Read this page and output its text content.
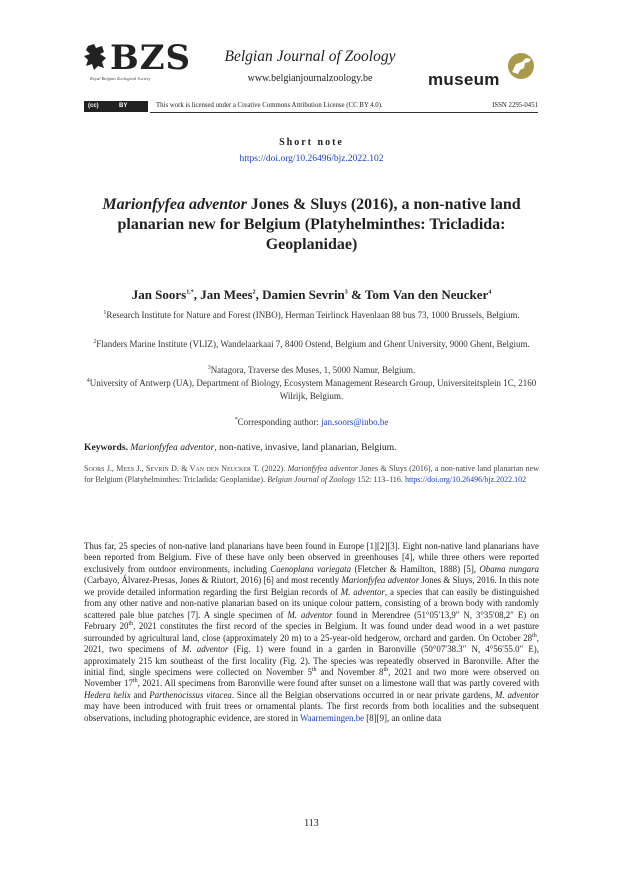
BZS
Royal Belgian Zoological Society
Belgian Journal of Zoology
www.belgianjournalzoology.be	museum
(cc)	BY	This work is licensed under a Creative Commons Attribution License (CC BY 4.0).	ISSN 2295-0451
Short note
https://doi.org/10.26496/bjz.2022.102
Marionfyfea adventor Jones & Sluys (2016), a non-native land planarian new for Belgium (Platyhelminthes: Tricladida: Geoplanidae)
Jan Soors$^{1,*}$, Jan Mees$^2$, Damien Sevrin$^3$ & Tom Van den Neucker$^4$
$^1$Research Institute for Nature and Forest (INBO), Herman Teirlinck Havenlaan 88 bus 73, 1000 Brussels, Belgium.
$^2$Flanders Marine Institute (VLIZ), Wandelaarkaai 7, 8400 Ostend, Belgium and Ghent University, 9000 Ghent, Belgium.
$^3$Natagora, Traverse des Muses, 1, 5000 Namur, Belgium.
$^4$University of Antwerp (UA), Department of Biology, Ecosystem Management Research Group, Universiteitsplein 1C, 2160 Wilrijk, Belgium.
*Corresponding author: jan.soors@inbo.be
Keywords. Marionfyfea adventor, non-native, invasive, land planarian, Belgium.
Soors J., Mees J., Sevrin D. & Van den Neucker T. (2022). Marionfyfea adventor Jones & Sluys (2016), a non-native land planarian new for Belgium (Platyhelminthes: Tricladida: Geoplanidae). Belgian Journal of Zoology 152: 113–116. https://doi.org/10.26496/bjz.2022.102
Thus far, 25 species of non-native land planarians have been found in Europe [1][2][3]. Eight non-native land planarians have been reported from Belgium. Five of these have only been observed in greenhouses [4], while three others were reported exclusively from outdoor environments, including Caenoplana variegata (Fletcher & Hamilton, 1888) [5], Obama nungara (Carbayo, Álvarez-Presas, Jones & Riutort, 2016) [6] and most recently Marionfyfea adventor Jones & Sluys, 2016. In this note we provide detailed information regarding the first Belgian records of M. adventor, a species that can easily be distinguished from any other native and non-native planarian based on its unique colour pattern, consisting of a brown body with randomly scattered pale blue patches [7]. A single specimen of M. adventor found in Merendree (51°05′13,9″ N, 3°35′08,2″ E) on February 20th, 2021 constitutes the first record of the species in Belgium. It was found under dead wood in a wet pasture surrounded by agricultural land, close (approximately 20 m) to a 25-year-old hedgerow, orchard and garden. On October 28th, 2021, two specimens of M. adventor (Fig. 1) were found in a garden in Baronville (50°07′38.3″ N, 4°56′55.0″ E), approximately 215 km southeast of the first locality (Fig. 2). The species was repeatedly observed in Baronville. After the initial find, single specimens were collected on November 5th and November 8th, 2021 and two more were observed on November 17th, 2021. All specimens from Baronville were found after sunset on a limestone wall that was partly covered with Hedera helix and Parthenocissus vitacea. Since all the Belgian observations occurred in or near private gardens, M. adventor may have been introduced with fruit trees or ornamental plants. The first records from both localities and the subsequent observations, including photographic evidence, are stored in Waarnemingen.be [8][9], an online data
113
